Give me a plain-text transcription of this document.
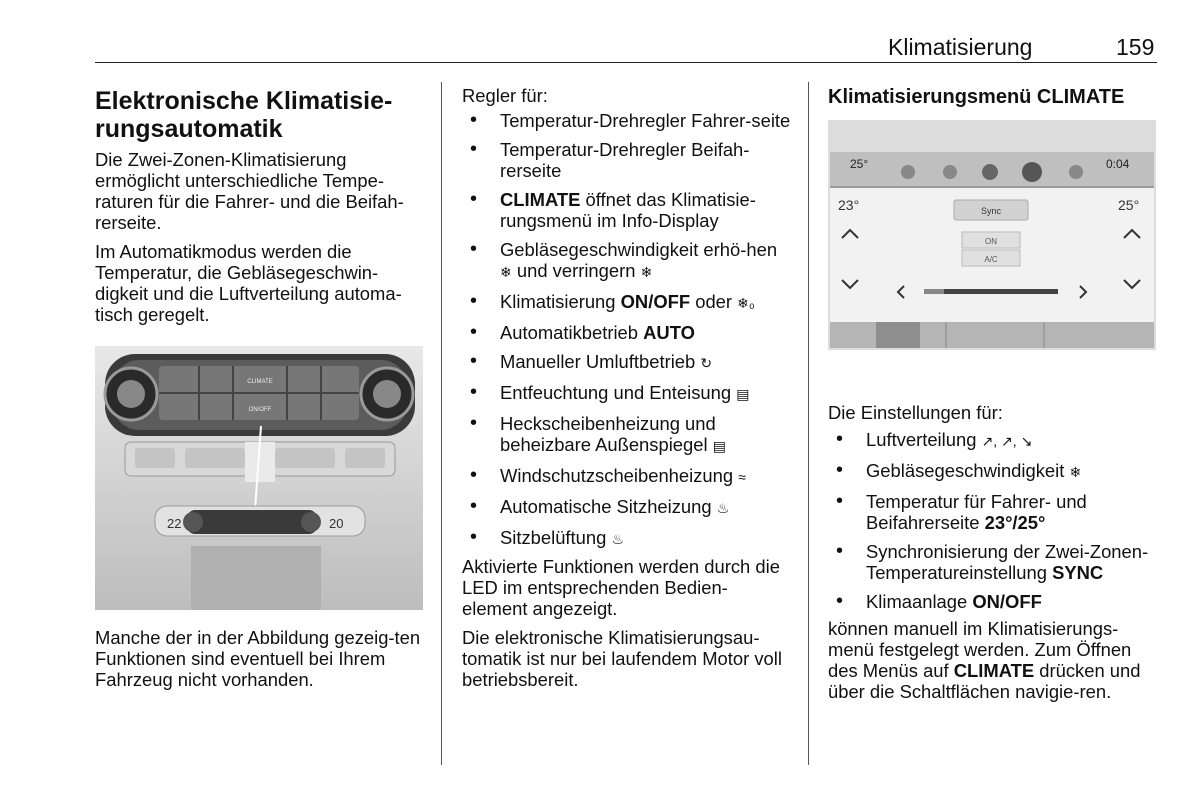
Klimatisierung	159
Elektronische Klimatisie-
rungsautomatik

Die Zwei-Zonen-Klimatisierung ermöglicht unterschiedliche Tempe-raturen für die Fahrer- und die Beifah-rerseite.

Im Automatikmodus werden die Temperatur, die Gebläsegeschwin-digkeit und die Luftverteilung automa-tisch geregelt.

CLIMATE
ON/OFF
22	20

Manche der in der Abbildung gezeig-ten Funktionen sind eventuell bei Ihrem Fahrzeug nicht vorhanden.

Regler für:

• Temperatur-Drehregler Fahrer-seite
• Temperatur-Drehregler Beifah-rerseite
• CLIMATE öffnet das Klimatisie-rungsmenü im Info-Display
• Gebläsegeschwindigkeit erhö-hen ❄ und verringern ❄
• Klimatisierung ON/OFF oder ❄₀
• Automatikbetrieb AUTO
• Manueller Umluftbetrieb ↻
• Entfeuchtung und Enteisung ▤
• Heckscheibenheizung und beheizbare Außenspiegel ▤
• Windschutzscheibenheizung ≈
• Automatische Sitzheizung ♨
• Sitzbelüftung ♨

Aktivierte Funktionen werden durch die LED im entsprechenden Bedien-element angezeigt.

Die elektronische Klimatisierungsau-tomatik ist nur bei laufendem Motor voll betriebsbereit.

Klimatisierungsmenü CLIMATE
25°	0:04
23°	25°
Sync
ON
A/C

Die Einstellungen für:

• Luftverteilung ↗, ↗, ↘
• Gebläsegeschwindigkeit ❄
• Temperatur für Fahrer- und Beifahrerseite 23°/25°
• Synchronisierung der Zwei-Zonen-Temperatureinstellung SYNC
• Klimaanlage ON/OFF

können manuell im Klimatisierungs-menü festgelegt werden. Zum Öffnen des Menüs auf CLIMATE drücken und über die Schaltflächen navigie-ren.
